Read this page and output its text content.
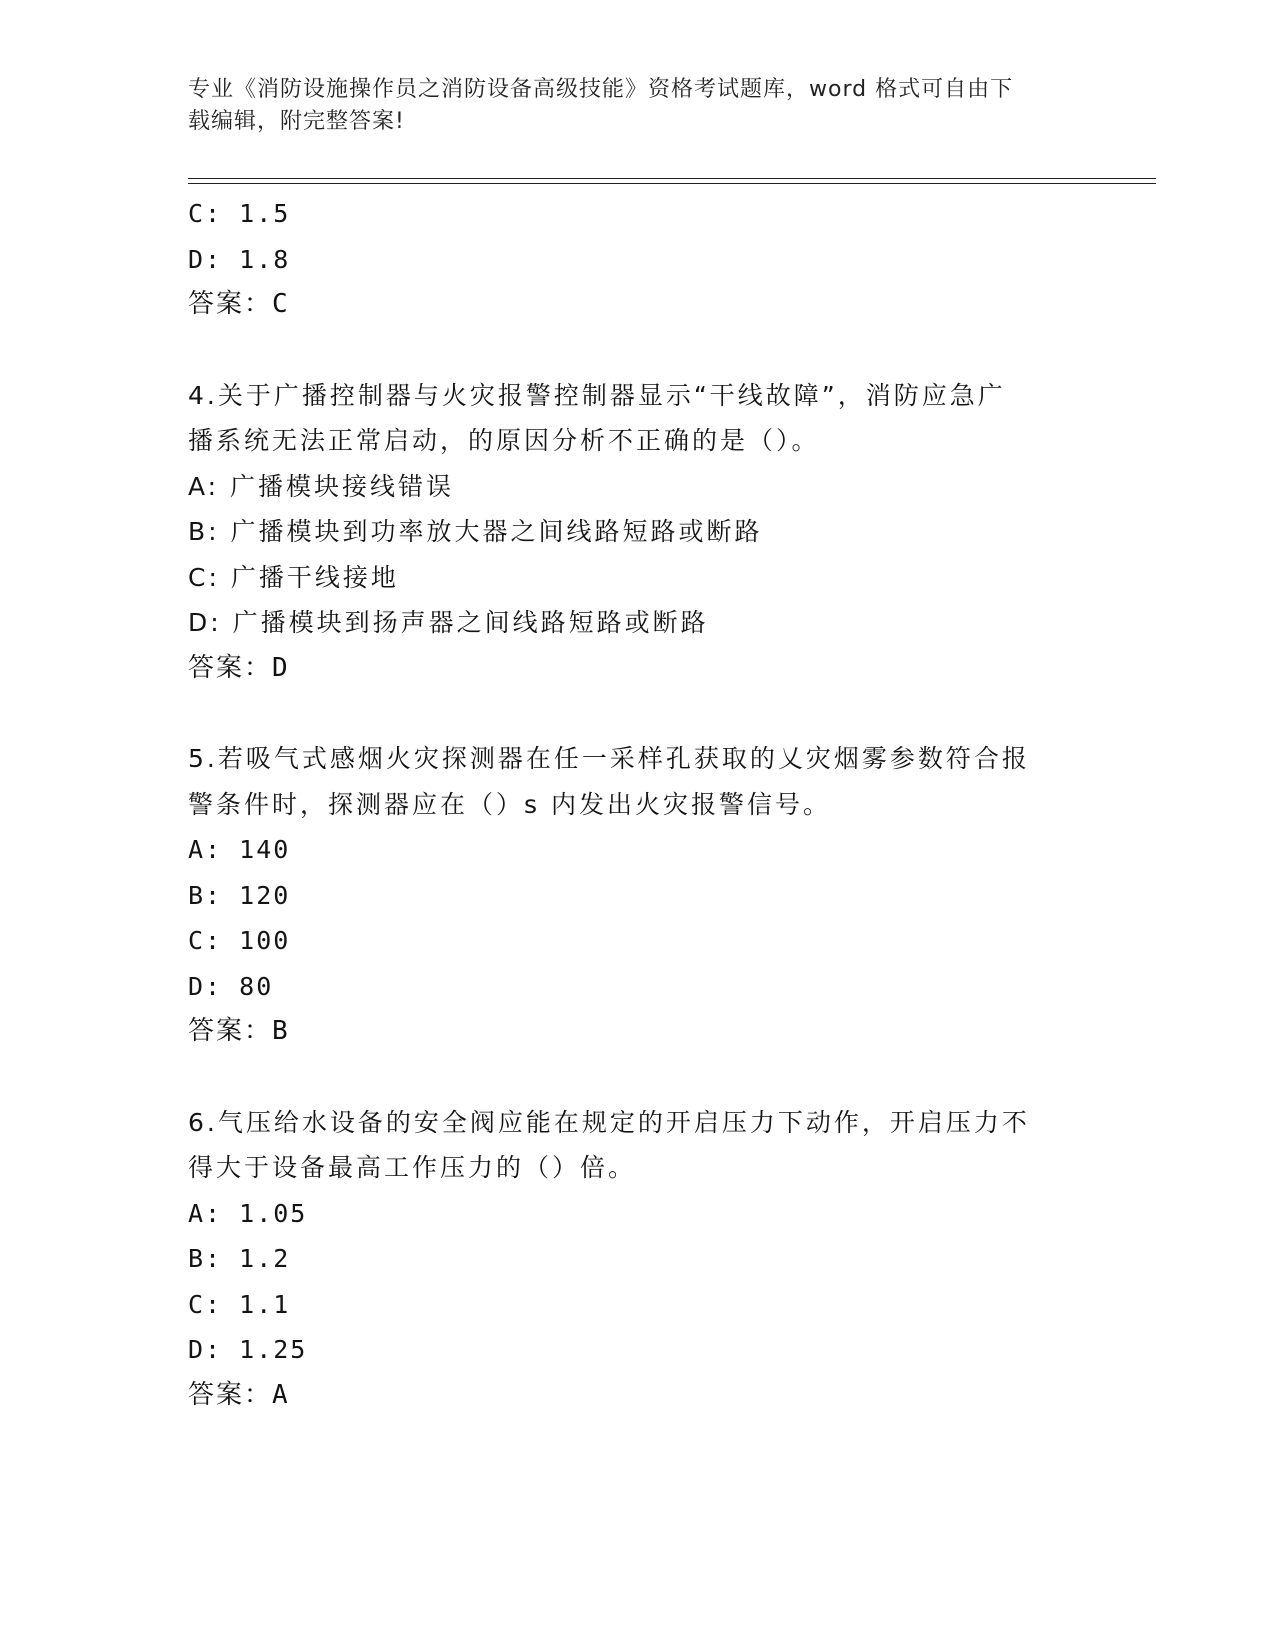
专业《消防设施操作员之消防设备高级技能》资格考试题库，word 格式可自由下
载编辑，附完整答案!
C: 1.5
D: 1.8
答案：C
4.关于广播控制器与火灾报警控制器显示“干线故障”，消防应急广
播系统无法正常启动，的原因分析不正确的是（）。
A: 广播模块接线错误
B: 广播模块到功率放大器之间线路短路或断路
C: 广播干线接地
D: 广播模块到扬声器之间线路短路或断路
答案：D
5.若吸气式感烟火灾探测器在任一采样孔获取的乂灾烟雾参数符合报
警条件时，探测器应在（）s 内发出火灾报警信号。
A: 140
B: 120
C: 100
D: 80
答案：B
6.气压给水设备的安全阀应能在规定的开启压力下动作，开启压力不
得大于设备最高工作压力的（）倍。
A: 1.05
B: 1.2
C: 1.1
D: 1.25
答案：A
